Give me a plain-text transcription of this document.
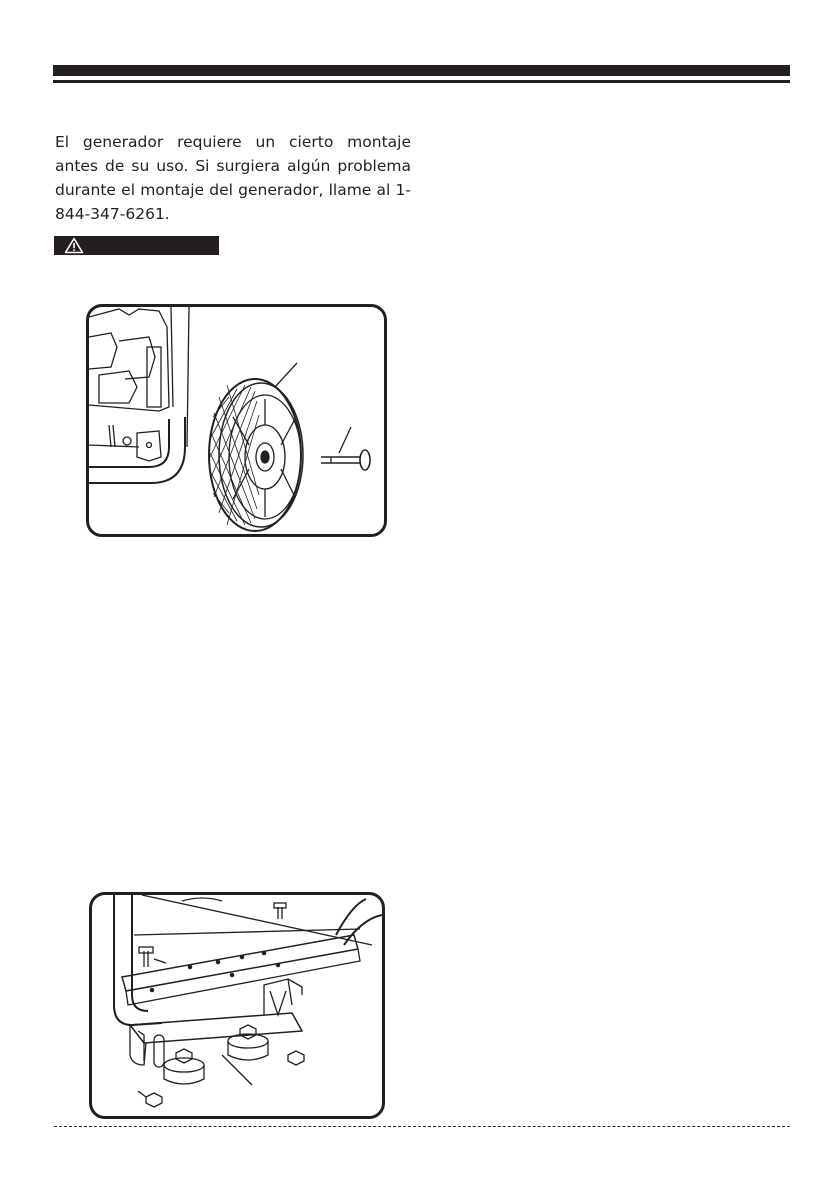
El generador requiere un cierto montaje antes de su uso. Si surgiera algún problema durante el montaje del generador, llame al 1-844-347-6261.
